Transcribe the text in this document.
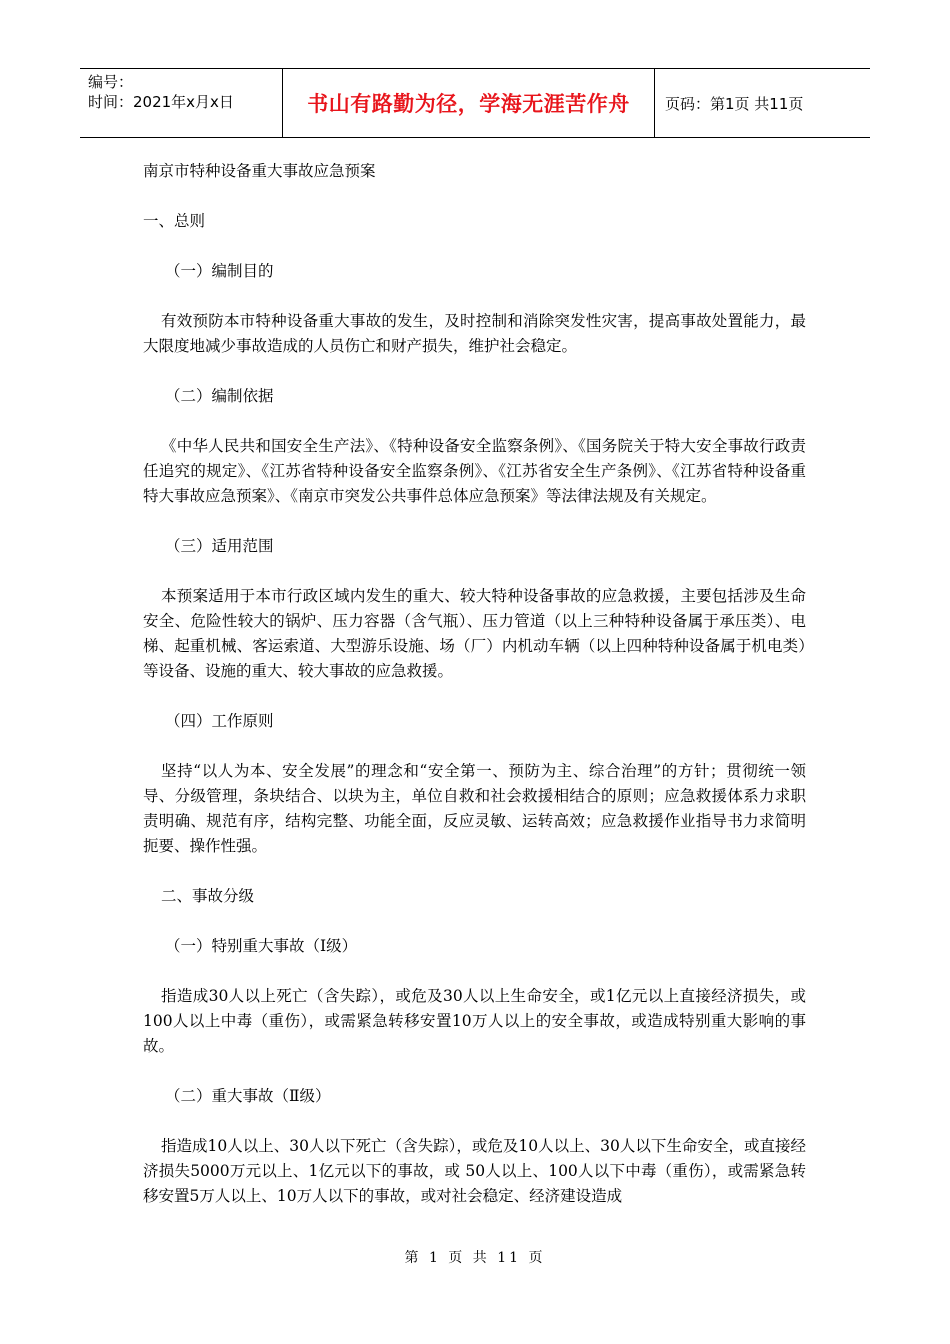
编号：
时间：2021年x月x日	书山有路勤为径，学海无涯苦作舟	页码：第1页 共11页

南京市特种设备重大事故应急预案

一、总则

（一）编制目的

有效预防本市特种设备重大事故的发生，及时控制和消除突发性灾害，提高事故处置能力，最大限度地减少事故造成的人员伤亡和财产损失，维护社会稳定。

（二）编制依据

《中华人民共和国安全生产法》、《特种设备安全监察条例》、《国务院关于特大安全事故行政责任追究的规定》、《江苏省特种设备安全监察条例》、《江苏省安全生产条例》、《江苏省特种设备重特大事故应急预案》、《南京市突发公共事件总体应急预案》等法律法规及有关规定。

（三）适用范围

本预案适用于本市行政区域内发生的重大、较大特种设备事故的应急救援，主要包括涉及生命安全、危险性较大的锅炉、压力容器（含气瓶）、压力管道（以上三种特种设备属于承压类）、电梯、起重机械、客运索道、大型游乐设施、场（厂）内机动车辆（以上四种特种设备属于机电类）等设备、设施的重大、较大事故的应急救援。

（四）工作原则

坚持“以人为本、安全发展”的理念和“安全第一、预防为主、综合治理”的方针；贯彻统一领导、分级管理，条块结合、以块为主，单位自救和社会救援相结合的原则；应急救援体系力求职责明确、规范有序，结构完整、功能全面，反应灵敏、运转高效；应急救援作业指导书力求简明扼要、操作性强。

二、事故分级

（一）特别重大事故（Ⅰ级）

指造成30人以上死亡（含失踪），或危及30人以上生命安全，或1亿元以上直接经济损失，或100人以上中毒（重伤），或需紧急转移安置10万人以上的安全事故，或造成特别重大影响的事故。

（二）重大事故（Ⅱ级）

指造成10人以上、30人以下死亡（含失踪），或危及10人以上、30人以下生命安全，或直接经济损失5000万元以上、1亿元以下的事故，或 50人以上、100人以下中毒（重伤），或需紧急转移安置5万人以上、10万人以下的事故，或对社会稳定、经济建设造成

第 1 页 共 11 页
